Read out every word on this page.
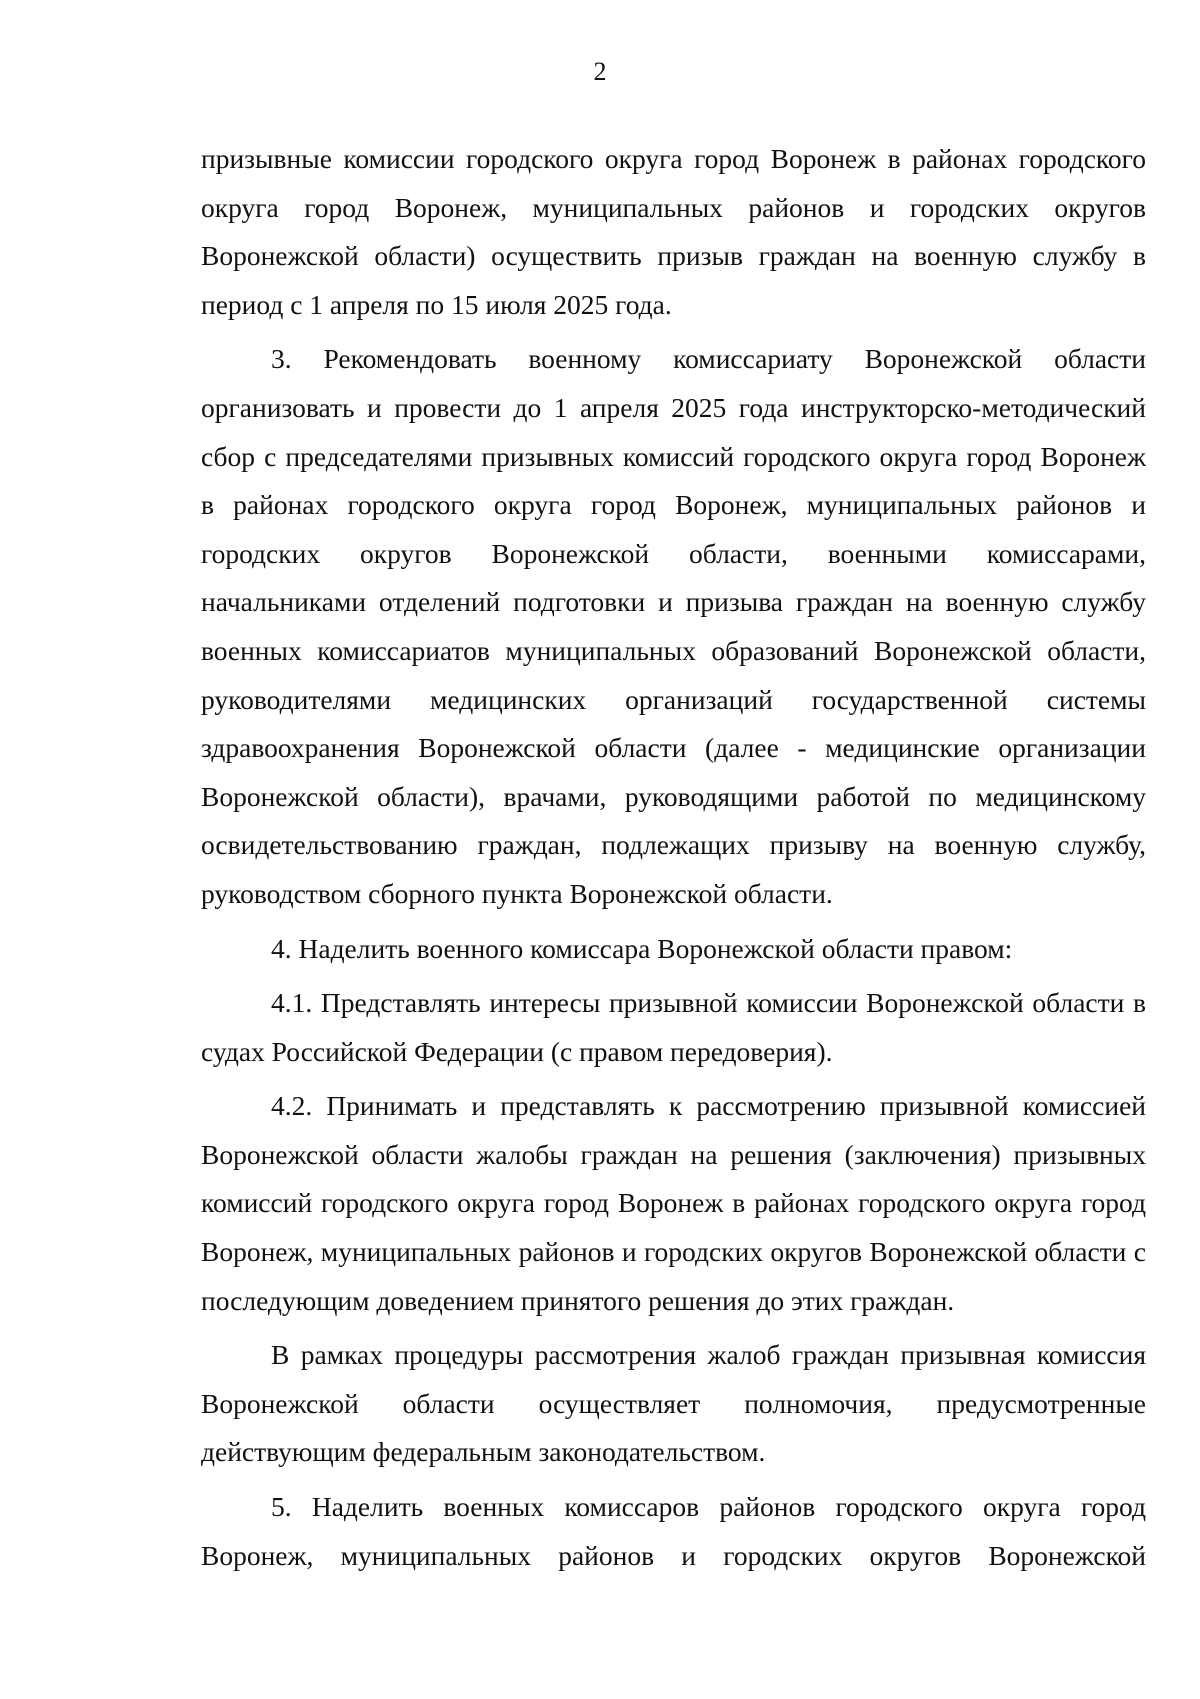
2

призывные комиссии городского округа город Воронеж в районах городского округа город Воронеж, муниципальных районов и городских округов Воронежской области) осуществить призыв граждан на военную службу в период с 1 апреля по 15 июля 2025 года.

3. Рекомендовать военному комиссариату Воронежской области организовать и провести до 1 апреля 2025 года инструкторско-методический сбор с председателями призывных комиссий городского округа город Воронеж в районах городского округа город Воронеж, муниципальных районов и городских округов Воронежской области, военными комиссарами, начальниками отделений подготовки и призыва граждан на военную службу военных комиссариатов муниципальных образований Воронежской области, руководителями медицинских организаций государственной системы здравоохранения Воронежской области (далее - медицинские организации Воронежской области), врачами, руководящими работой по медицинскому освидетельствованию граждан, подлежащих призыву на военную службу, руководством сборного пункта Воронежской области.

4. Наделить военного комиссара Воронежской области правом:

4.1. Представлять интересы призывной комиссии Воронежской области в судах Российской Федерации (с правом передоверия).

4.2. Принимать и представлять к рассмотрению призывной комиссией Воронежской области жалобы граждан на решения (заключения) призывных комиссий городского округа город Воронеж в районах городского округа город Воронеж, муниципальных районов и городских округов Воронежской области с последующим доведением принятого решения до этих граждан.

В рамках процедуры рассмотрения жалоб граждан призывная комиссия Воронежской области осуществляет полномочия, предусмотренные действующим федеральным законодательством.

5. Наделить военных комиссаров районов городского округа город Воронеж, муниципальных районов и городских округов Воронежской
